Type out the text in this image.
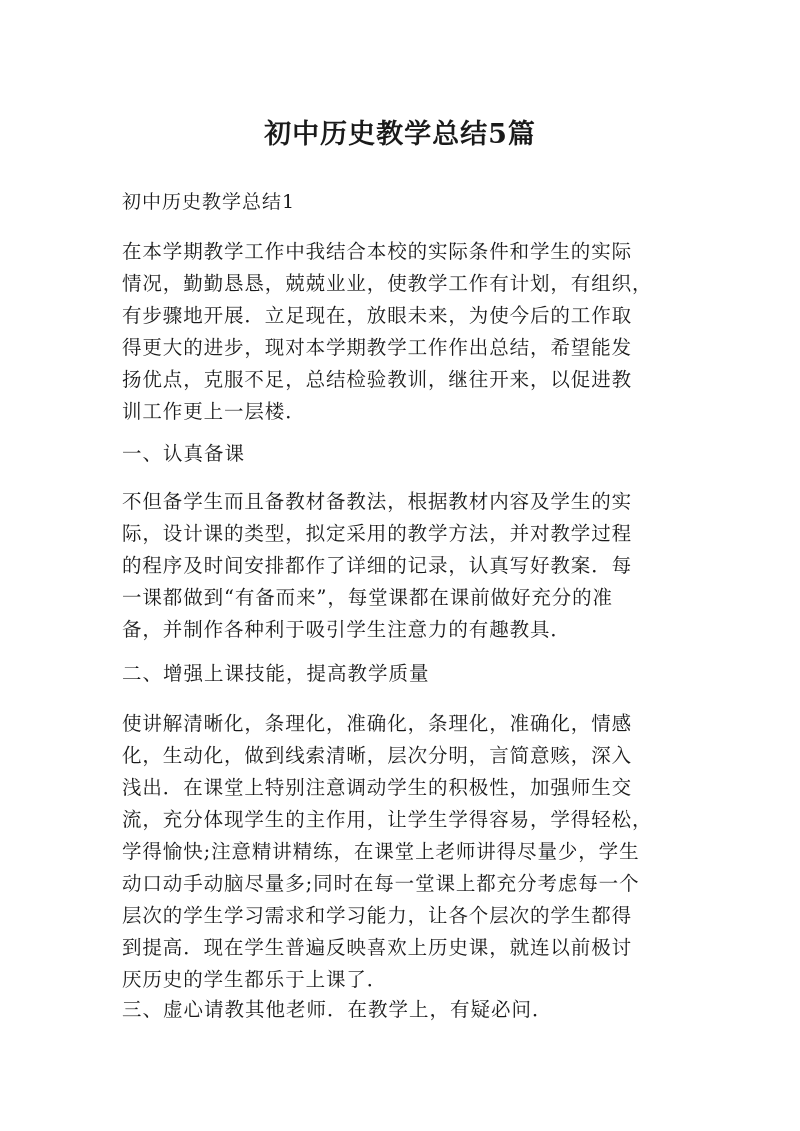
初中历史教学总结5篇
初中历史教学总结1
在本学期教学工作中我结合本校的实际条件和学生的实际
情况，勤勤恳恳，兢兢业业，使教学工作有计划，有组织，
有步骤地开展．立足现在，放眼未来，为使今后的工作取
得更大的进步，现对本学期教学工作作出总结，希望能发
扬优点，克服不足，总结检验教训，继往开来，以促进教
训工作更上一层楼．
一、认真备课
不但备学生而且备教材备教法，根据教材内容及学生的实
际，设计课的类型，拟定采用的教学方法，并对教学过程
的程序及时间安排都作了详细的记录，认真写好教案．每
一课都做到“有备而来”，每堂课都在课前做好充分的准
备，并制作各种利于吸引学生注意力的有趣教具．
二、增强上课技能，提高教学质量
使讲解清晰化，条理化，准确化，条理化，准确化，情感
化，生动化，做到线索清晰，层次分明，言简意赅，深入
浅出．在课堂上特别注意调动学生的积极性，加强师生交
流，充分体现学生的主作用，让学生学得容易，学得轻松，
学得愉快;注意精讲精练，在课堂上老师讲得尽量少，学生
动口动手动脑尽量多;同时在每一堂课上都充分考虑每一个
层次的学生学习需求和学习能力，让各个层次的学生都得
到提高．现在学生普遍反映喜欢上历史课，就连以前极讨
厌历史的学生都乐于上课了．
三、虚心请教其他老师．在教学上，有疑必问．
